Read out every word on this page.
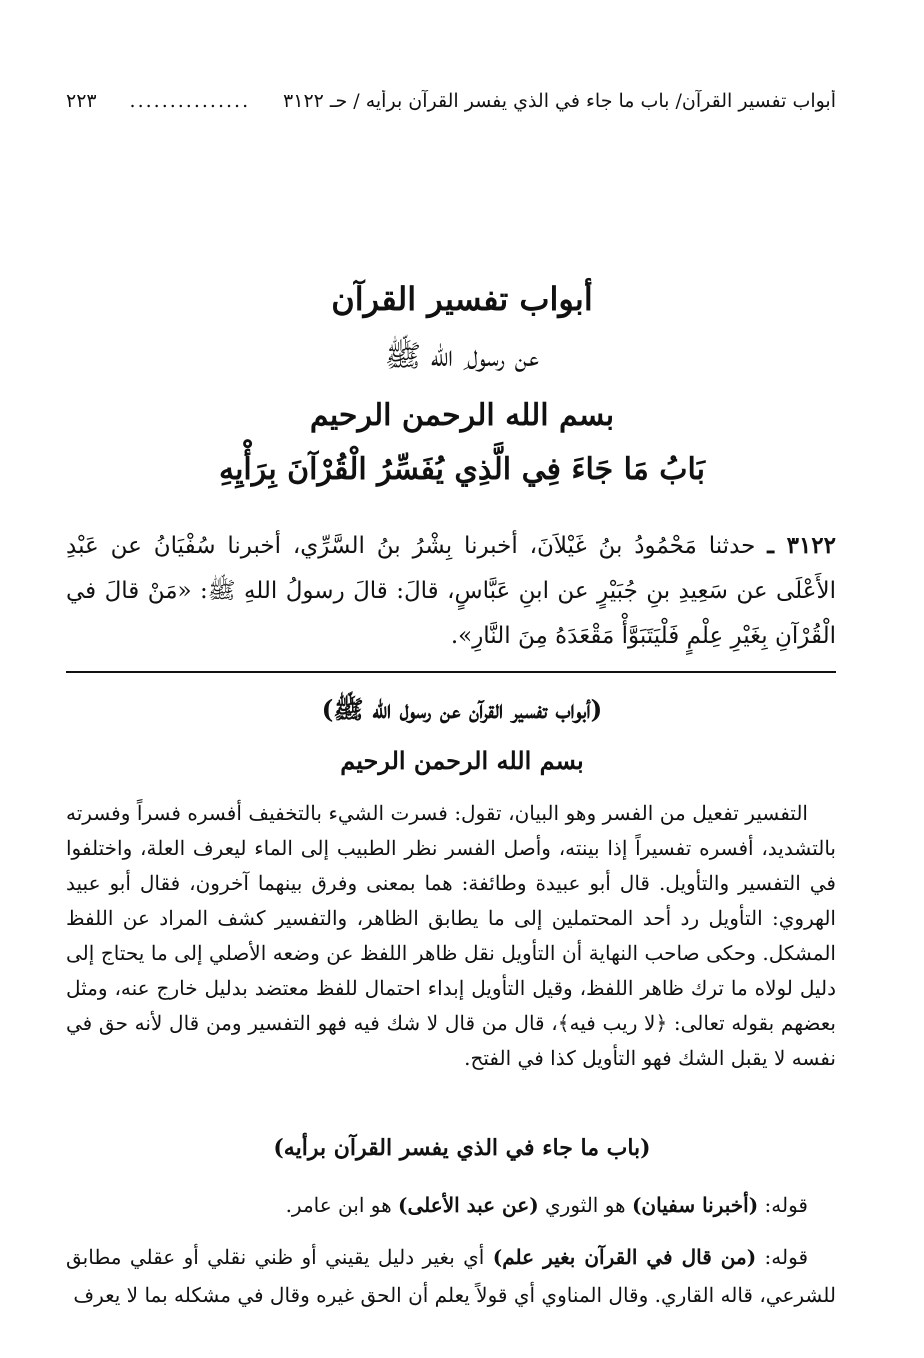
أبواب تفسير القرآن/ باب ما جاء في الذي يفسر القرآن برأيه / حـ ٣١٢٢
...............
٢٢٣
أبواب تفسير القرآن
عن رسول ِ الله ﷺ
بسم الله الرحمن الرحيم
بَابُ مَا جَاءَ فِي الَّذِي يُفَسِّرُ الْقُرْآنَ بِرَأْيِهِ
٣١٢٢ ـ حدثنا مَحْمُودُ بنُ غَيْلاَنَ، أخبرنا بِشْرُ بنُ السَّرِّي، أخبرنا سُفْيَانُ عن عَبْدِ الأَعْلَى عن سَعِيدِ بنِ جُبَيْرٍ عن ابنِ عَبَّاسٍ، قالَ: قالَ رسولُ اللهِ ﷺ: «مَنْ قالَ في الْقُرْآنِ بِغَيْرِ عِلْمٍ فَلْيَتَبَوَّأْ مَقْعَدَهُ مِنَ النَّارِ».
(أبواب تفسير القرآن عن رسول الله ﷺ)
بسم الله الرحمن الرحيم
التفسير تفعيل من الفسر وهو البيان، تقول: فسرت الشيء بالتخفيف أفسره فسراً وفسرته بالتشديد، أفسره تفسيراً إذا بينته، وأصل الفسر نظر الطبيب إلى الماء ليعرف العلة، واختلفوا في التفسير والتأويل. قال أبو عبيدة وطائفة: هما بمعنى وفرق بينهما آخرون، فقال أبو عبيد الهروي: التأويل رد أحد المحتملين إلى ما يطابق الظاهر، والتفسير كشف المراد عن اللفظ المشكل. وحكى صاحب النهاية أن التأويل نقل ظاهر اللفظ عن وضعه الأصلي إلى ما يحتاج إلى دليل لولاه ما ترك ظاهر اللفظ، وقيل التأويل إبداء احتمال للفظ معتضد بدليل خارج عنه، ومثل بعضهم بقوله تعالى: ﴿لا ريب فيه﴾، قال من قال لا شك فيه فهو التفسير ومن قال لأنه حق في نفسه لا يقبل الشك فهو التأويل كذا في الفتح.
(باب ما جاء في الذي يفسر القرآن برأيه)
قوله: (أخبرنا سفيان) هو الثوري (عن عبد الأعلى) هو ابن عامر.
قوله: (من قال في القرآن بغير علم) أي بغير دليل يقيني أو ظني نقلي أو عقلي مطابق للشرعي، قاله القاري. وقال المناوي أي قولاً يعلم أن الحق غيره وقال في مشكله بما لا يعرف
